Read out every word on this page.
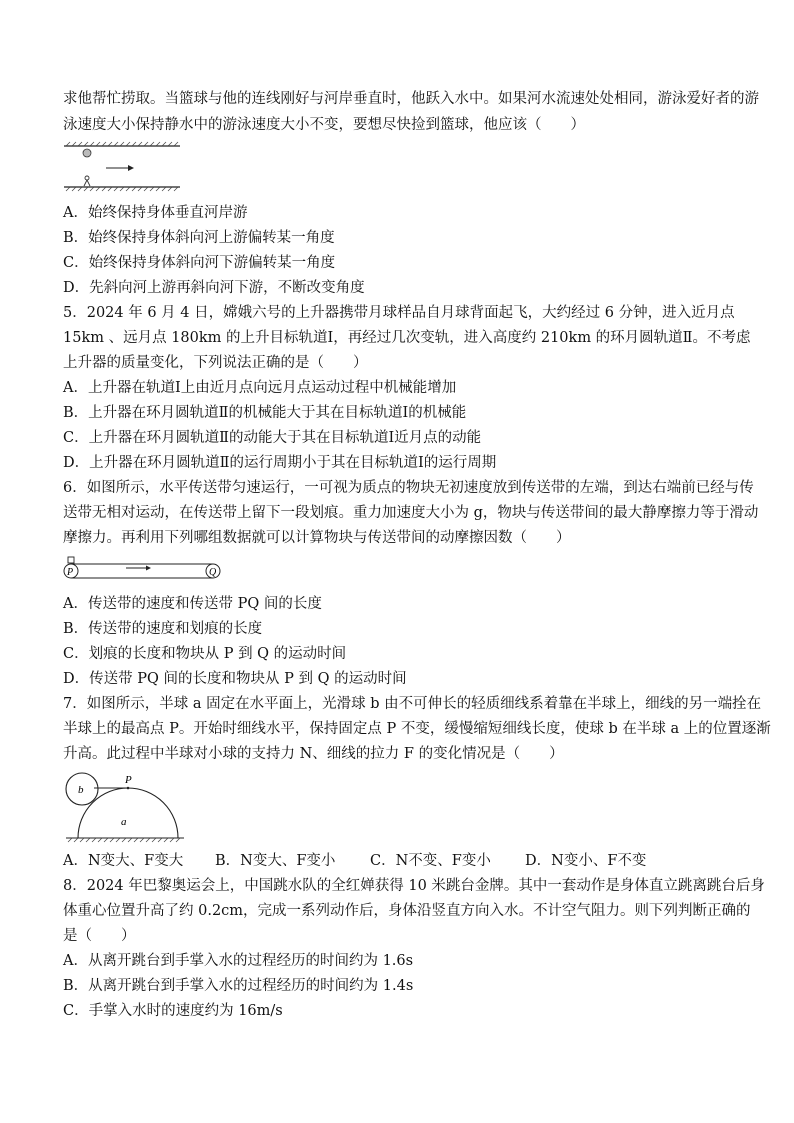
求他帮忙捞取。当篮球与他的连线刚好与河岸垂直时，他跃入水中。如果河水流速处处相同，游泳爱好者的游
泳速度大小保持静水中的游泳速度大小不变，要想尽快捡到篮球，他应该（　　）
A．始终保持身体垂直河岸游
B．始终保持身体斜向河上游偏转某一角度
C．始终保持身体斜向河下游偏转某一角度
D．先斜向河上游再斜向河下游，不断改变角度
5．2024 年 6 月 4 日，嫦娥六号的上升器携带月球样品自月球背面起飞，大约经过 6 分钟，进入近月点
15km 、远月点 180km 的上升目标轨道Ⅰ，再经过几次变轨，进入高度约 210km 的环月圆轨道Ⅱ。不考虑
上升器的质量变化，下列说法正确的是（　　）
A．上升器在轨道Ⅰ上由近月点向远月点运动过程中机械能增加
B．上升器在环月圆轨道Ⅱ的机械能大于其在目标轨道Ⅰ的机械能
C．上升器在环月圆轨道Ⅱ的动能大于其在目标轨道Ⅰ近月点的动能
D．上升器在环月圆轨道Ⅱ的运行周期小于其在目标轨道Ⅰ的运行周期
6．如图所示，水平传送带匀速运行，一可视为质点的物块无初速度放到传送带的左端，到达右端前已经与传
送带无相对运动，在传送带上留下一段划痕。重力加速度大小为 g，物块与传送带间的最大静摩擦力等于滑动
摩擦力。再利用下列哪组数据就可以计算物块与传送带间的动摩擦因数（　　）
P	Q
A．传送带的速度和传送带 PQ 间的长度
B．传送带的速度和划痕的长度
C．划痕的长度和物块从 P 到 Q 的运动时间
D．传送带 PQ 间的长度和物块从 P 到 Q 的运动时间
7．如图所示，半球 a 固定在水平面上，光滑球 b 由不可伸长的轻质细线系着靠在半球上，细线的另一端拴在
半球上的最高点 P。开始时细线水平，保持固定点 P 不变，缓慢缩短细线长度，使球 b 在半球 a 上的位置逐渐
升高。此过程中半球对小球的支持力 N、细线的拉力 F 的变化情况是（　　）
b
P
a
A．N变大、F变大 B．N变大、F变小 C．N不变、F变小 D．N变小、F不变
8．2024 年巴黎奥运会上，中国跳水队的全红婵获得 10 米跳台金牌。其中一套动作是身体直立跳离跳台后身
体重心位置升高了约 0.2cm，完成一系列动作后，身体沿竖直方向入水。不计空气阻力。则下列判断正确的
是（　　）
A．从离开跳台到手掌入水的过程经历的时间约为 1.6s
B．从离开跳台到手掌入水的过程经历的时间约为 1.4s
C．手掌入水时的速度约为 16m/s
